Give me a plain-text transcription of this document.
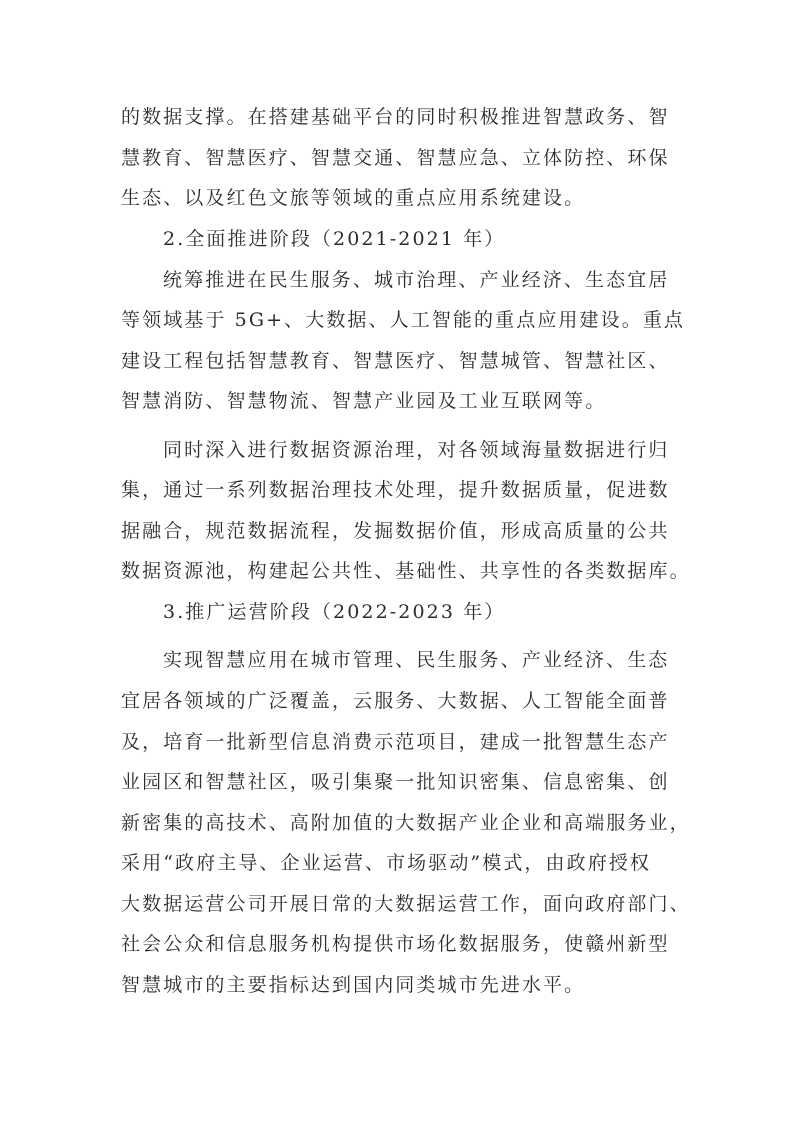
的数据支撑。在搭建基础平台的同时积极推进智慧政务、智
慧教育、智慧医疗、智慧交通、智慧应急、立体防控、环保
生态、以及红色文旅等领域的重点应用系统建设。
2.全面推进阶段（2021-2021 年）
统筹推进在民生服务、城市治理、产业经济、生态宜居
等领域基于 5G+、大数据、人工智能的重点应用建设。重点
建设工程包括智慧教育、智慧医疗、智慧城管、智慧社区、
智慧消防、智慧物流、智慧产业园及工业互联网等。
同时深入进行数据资源治理，对各领域海量数据进行归
集，通过一系列数据治理技术处理，提升数据质量，促进数
据融合，规范数据流程，发掘数据价值，形成高质量的公共
数据资源池，构建起公共性、基础性、共享性的各类数据库。
3.推广运营阶段（2022-2023 年）
实现智慧应用在城市管理、民生服务、产业经济、生态
宜居各领域的广泛覆盖，云服务、大数据、人工智能全面普
及，培育一批新型信息消费示范项目，建成一批智慧生态产
业园区和智慧社区，吸引集聚一批知识密集、信息密集、创
新密集的高技术、高附加值的大数据产业企业和高端服务业，
采用“政府主导、企业运营、市场驱动”模式，由政府授权
大数据运营公司开展日常的大数据运营工作，面向政府部门、
社会公众和信息服务机构提供市场化数据服务，使赣州新型
智慧城市的主要指标达到国内同类城市先进水平。
